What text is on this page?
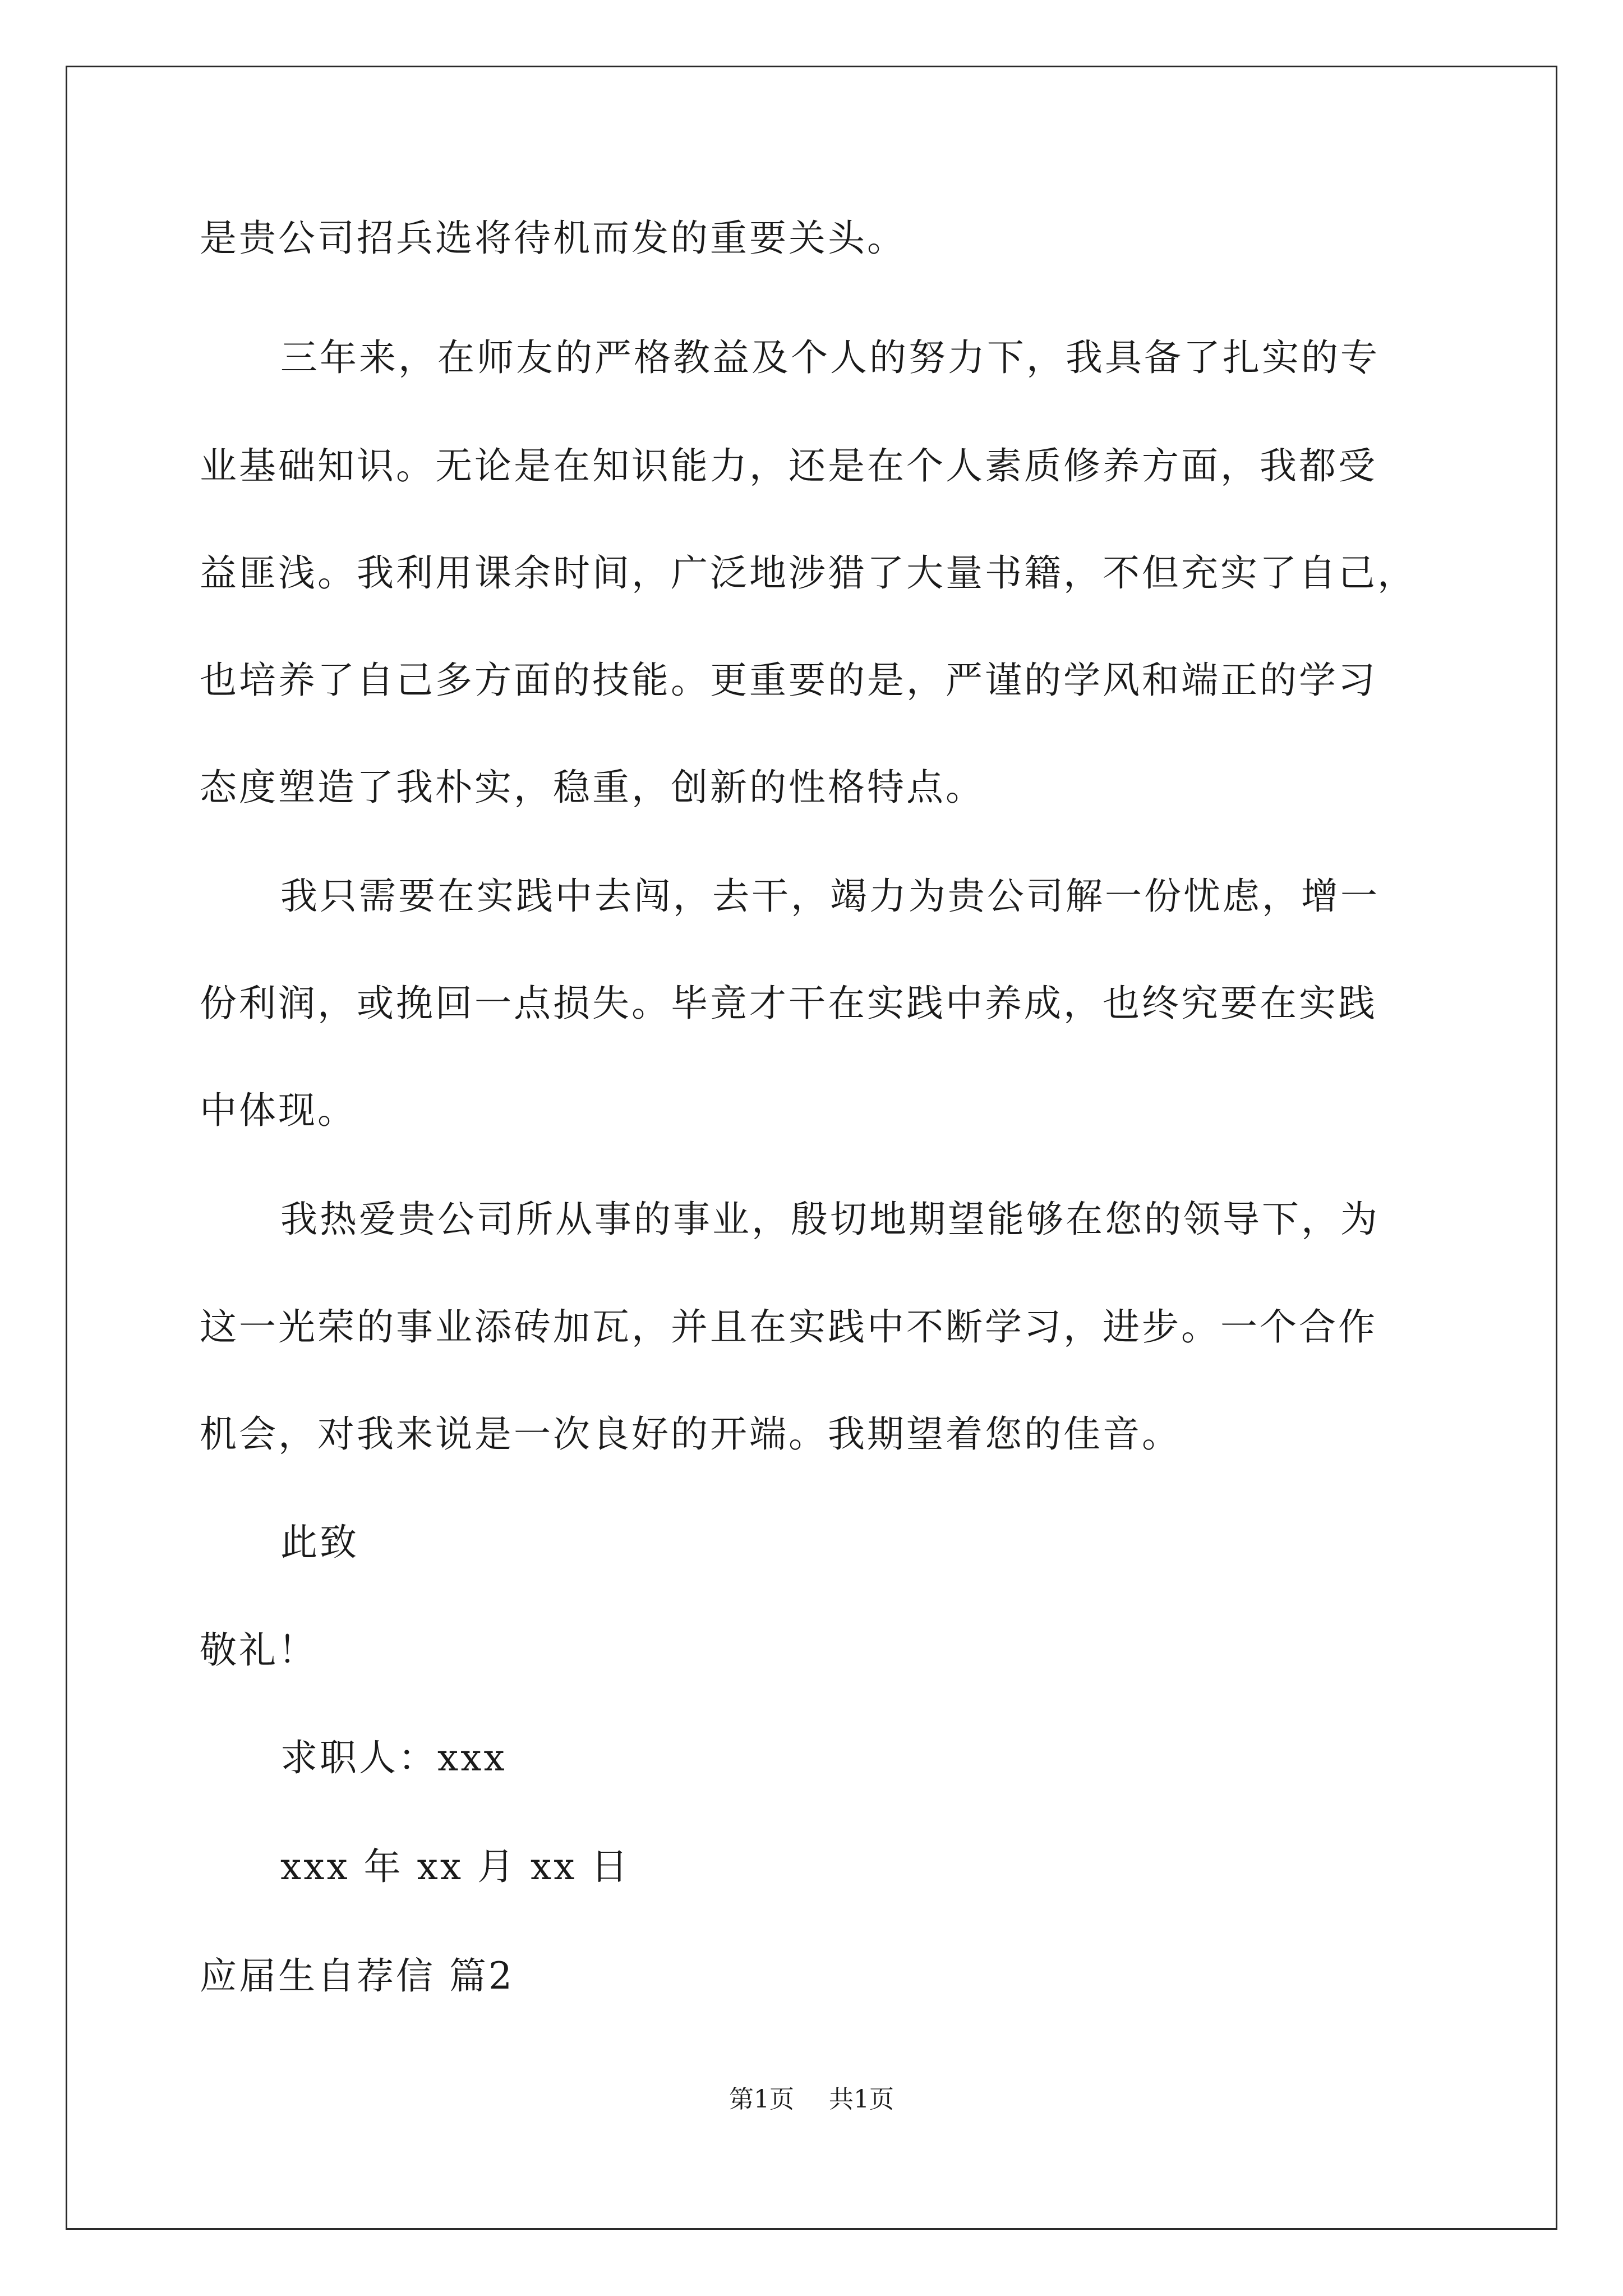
是贵公司招兵选将待机而发的重要关头。
三年来，在师友的严格教益及个人的努力下，我具备了扎实的专
业基础知识。无论是在知识能力，还是在个人素质修养方面，我都受
益匪浅。我利用课余时间，广泛地涉猎了大量书籍，不但充实了自己，
也培养了自己多方面的技能。更重要的是，严谨的学风和端正的学习
态度塑造了我朴实，稳重，创新的性格特点。
我只需要在实践中去闯，去干，竭力为贵公司解一份忧虑，增一
份利润，或挽回一点损失。毕竟才干在实践中养成，也终究要在实践
中体现。
我热爱贵公司所从事的事业，殷切地期望能够在您的领导下，为
这一光荣的事业添砖加瓦，并且在实践中不断学习，进步。一个合作
机会，对我来说是一次良好的开端。我期望着您的佳音。
此致
敬礼！
求职人：xxx
xxx 年 xx 月 xx 日
应届生自荐信 篇2
第1页 共1页
